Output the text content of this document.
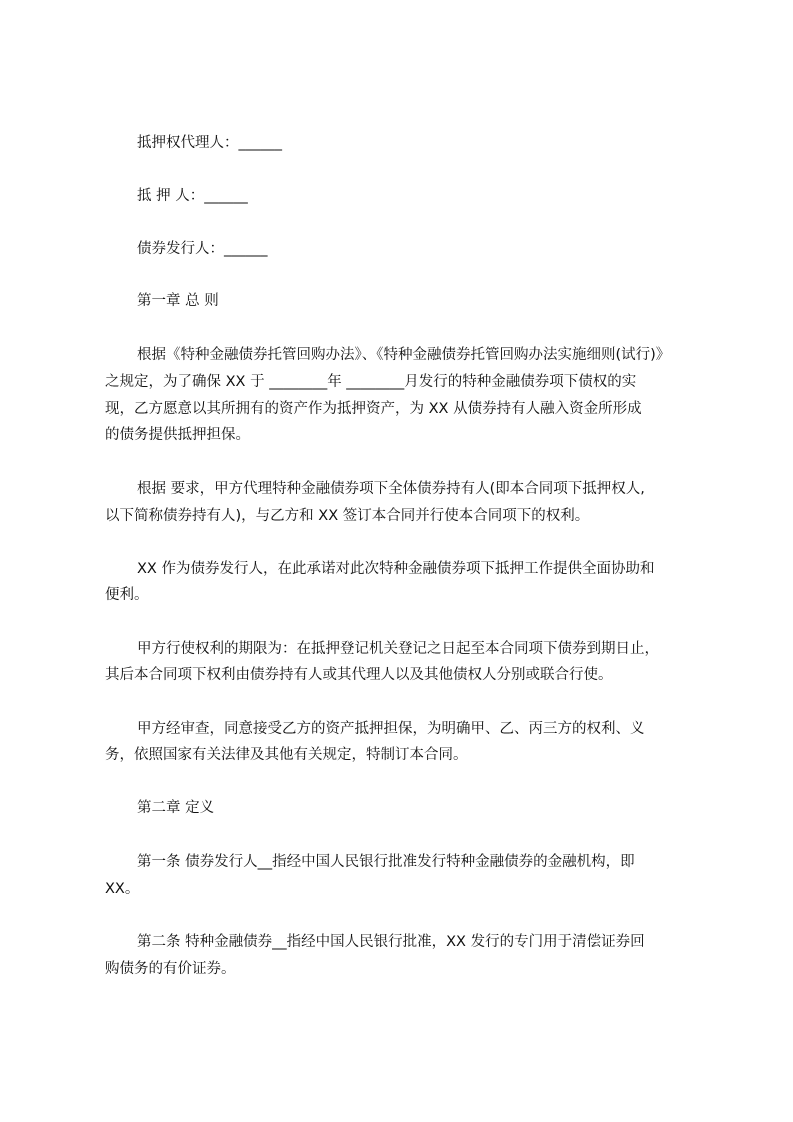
抵押权代理人：______
抵 押 人：______
债券发行人：______
第一章 总 则
根据《特种金融债券托管回购办法》、《特种金融债券托管回购办法实施细则(试行)》
之规定，为了确保 XX 于 ________年 ________月发行的特种金融债券项下债权的实
现，乙方愿意以其所拥有的资产作为抵押资产，为 XX 从债券持有人融入资金所形成
的债务提供抵押担保。
根据 要求，甲方代理特种金融债券项下全体债券持有人(即本合同项下抵押权人,
以下简称债券持有人)，与乙方和 XX 签订本合同并行使本合同项下的权利。
XX 作为债券发行人，在此承诺对此次特种金融债券项下抵押工作提供全面协助和
便利。
甲方行使权利的期限为：在抵押登记机关登记之日起至本合同项下债券到期日止，
其后本合同项下权利由债券持有人或其代理人以及其他债权人分别或联合行使。
甲方经审查，同意接受乙方的资产抵押担保，为明确甲、乙、丙三方的权利、义
务，依照国家有关法律及其他有关规定，特制订本合同。
第二章 定义
第一条 债券发行人__指经中国人民银行批准发行特种金融债券的金融机构，即
XX。
第二条 特种金融债券__指经中国人民银行批准，XX 发行的专门用于清偿证券回
购债务的有价证券。
